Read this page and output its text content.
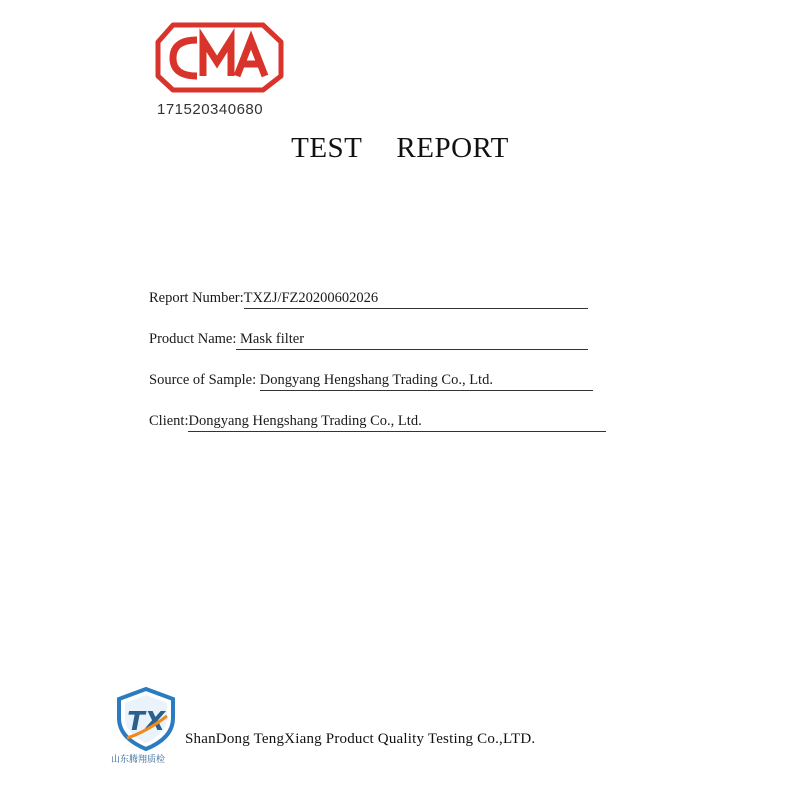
171520340680
TEST REPORT
Report Number:TXZJ/FZ20200602026
Product Name: Mask filter
Source of Sample: Dongyang Hengshang Trading Co., Ltd.
Client:Dongyang Hengshang Trading Co., Ltd.
TX
山东腾翔质检
ShanDong TengXiang Product Quality Testing Co.,LTD.
